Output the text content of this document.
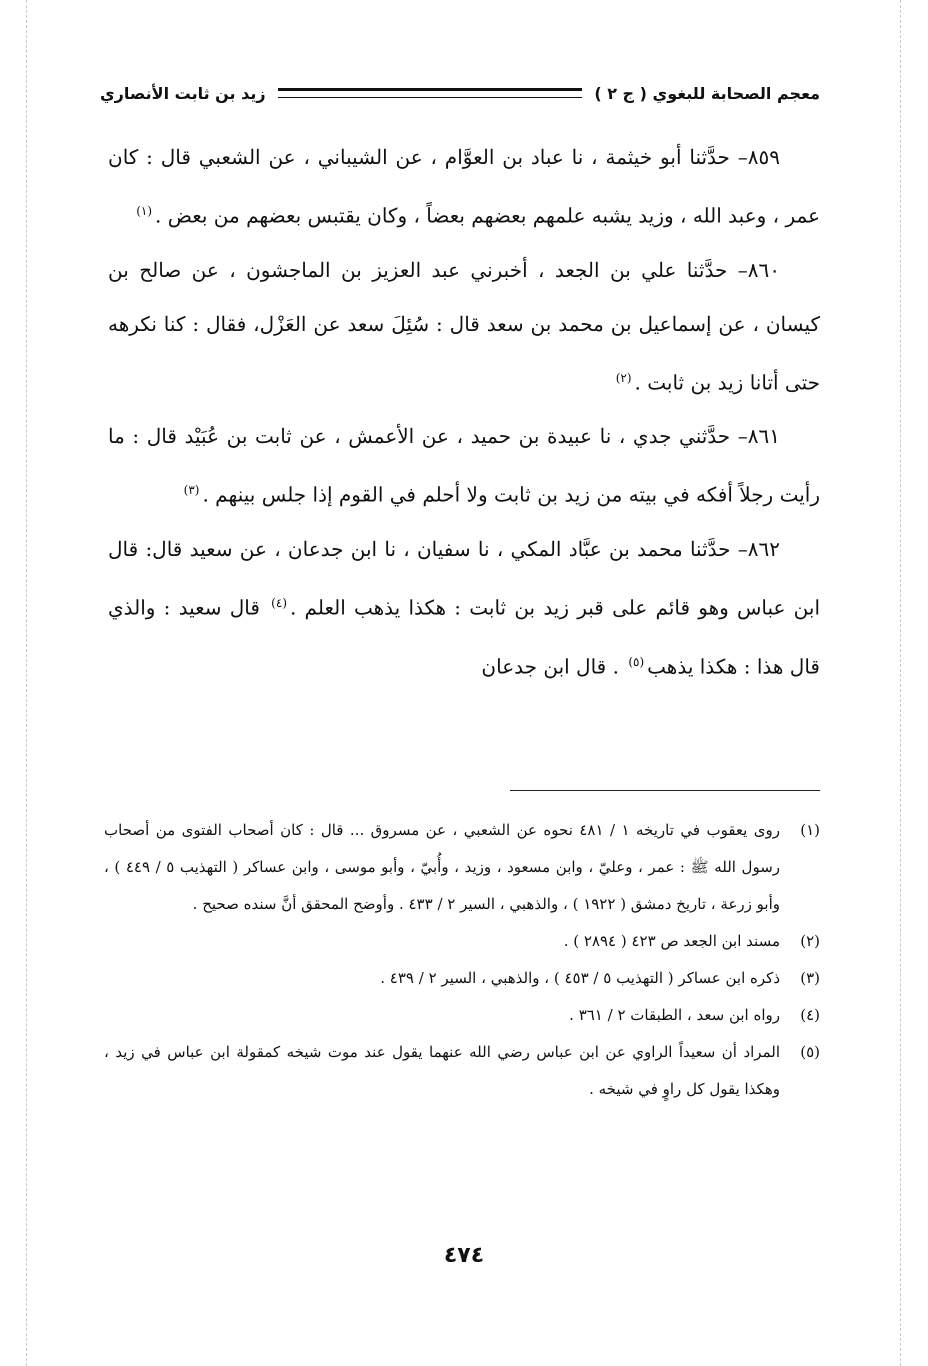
معجم الصحابة للبغوي ( ج ٢ )
زيد بن ثابت الأنصاري

٨٥٩– حدَّثنا أبو خيثمة ، نا عباد بن العوَّام ، عن الشيباني ، عن الشعبي قال : كان عمر ، وعبد الله ، وزيد يشبه علمهم بعضهم بعضاً ، وكان يقتبس بعضهم من بعض .$^{(١)}$

٨٦٠– حدَّثنا علي بن الجعد ، أخبرني عبد العزيز بن الماجشون ، عن صالح بن كيسان ، عن إسماعيل بن محمد بن سعد قال : سُئِلَ سعد عن العَزْل، فقال : كنا نكرهه حتى أتانا زيد بن ثابت .$^{(٢)}$

٨٦١– حدَّثني جدي ، نا عبيدة بن حميد ، عن الأعمش ، عن ثابت بن عُبَيْد قال : ما رأيت رجلاً أفكه في بيته من زيد بن ثابت ولا أحلم في القوم إذا جلس بينهم .$^{(٣)}$

٨٦٢– حدَّثنا محمد بن عبَّاد المكي ، نا سفيان ، نا ابن جدعان ، عن سعيد قال: قال ابن عباس وهو قائم على قبر زيد بن ثابت : هكذا يذهب العلم .$^{(٤)}$ قال سعيد : والذي قال هذا : هكذا يذهب$^{(٥)}$ . قال ابن جدعان

(١)
روى يعقوب في تاريخه ١ / ٤٨١ نحوه عن الشعبي ، عن مسروق ... قال : كان أصحاب الفتوى من أصحاب رسول الله ﷺ : عمر ، وعليّ ، وابن مسعود ، وزيد ، وأُبيّ ، وأبو موسى ، وابن عساكر ( التهذيب ٥ / ٤٤٩ ) ، وأبو زرعة ، تاريخ دمشق ( ١٩٢٢ ) ، والذهبي ، السير ٢ / ٤٣٣ . وأوضح المحقق أنَّ سنده صحيح .
(٢)
مسند ابن الجعد ص ٤٢٣ ( ٢٨٩٤ ) .
(٣)
ذكره ابن عساكر ( التهذيب ٥ / ٤٥٣ ) ، والذهبي ، السير ٢ / ٤٣٩ .
(٤)
رواه ابن سعد ، الطبقات ٢ / ٣٦١ .
(٥)
المراد أن سعيداً الراوي عن ابن عباس رضي الله عنهما يقول عند موت شيخه كمقولة ابن عباس في زيد ، وهكذا يقول كل راوٍ في شيخه .
٤٧٤
